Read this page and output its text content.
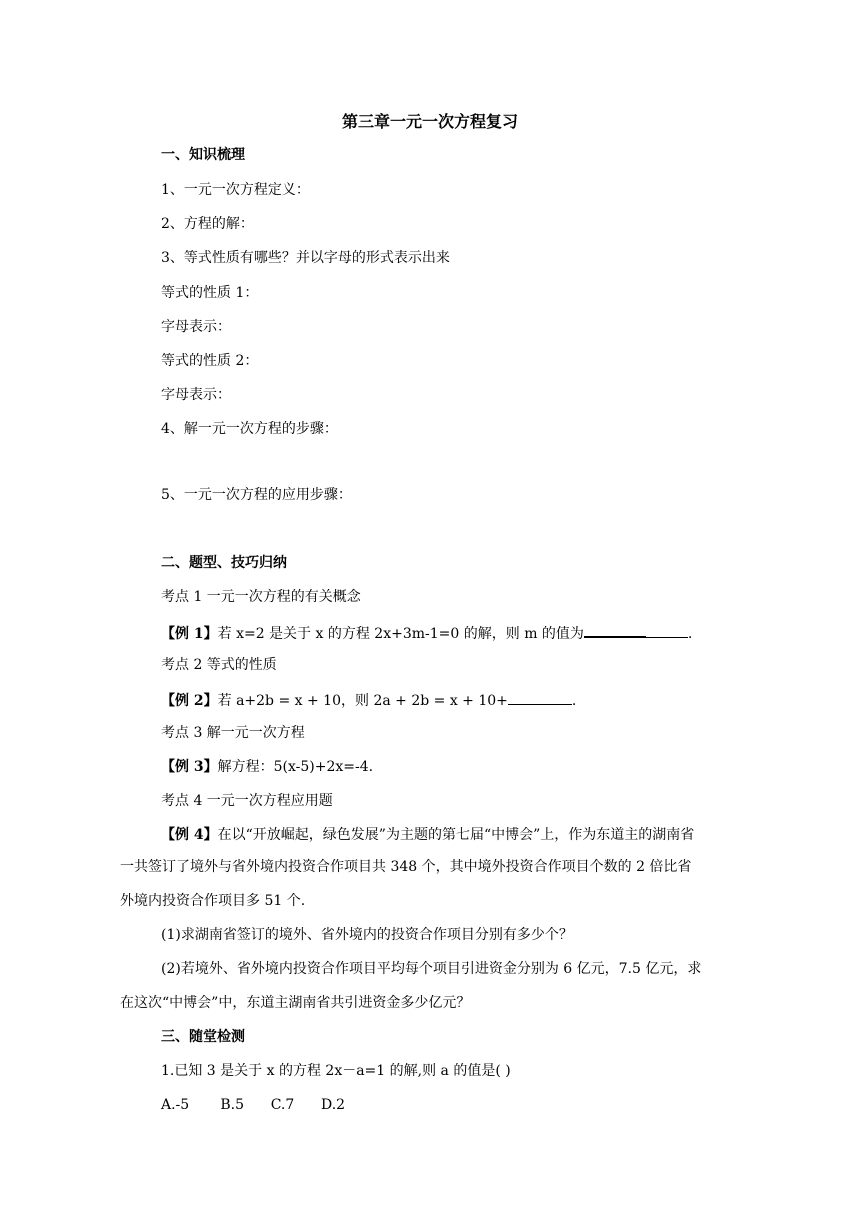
第三章一元一次方程复习
一、知识梳理
1、一元一次方程定义：
2、方程的解：
3、等式性质有哪些？并以字母的形式表示出来
等式的性质 1：
字母表示：
等式的性质 2：
字母表示：
4、解一元一次方程的步骤：
5、一元一次方程的应用步骤：
二、题型、技巧归纳
考点 1 一元一次方程的有关概念
【例 1】若 x=2 是关于 x 的方程 2x+3m-1=0 的解，则 m 的值为	.
考点 2 等式的性质
【例 2】若 a+2b = x + 10，则 2a + 2b = x + 10+	.
考点 3 解一元一次方程
【例 3】解方程：5(x-5)+2x=-4.
考点 4 一元一次方程应用题
【例 4】在以“开放崛起，绿色发展”为主题的第七届“中博会”上，作为东道主的湖南省
一共签订了境外与省外境内投资合作项目共 348 个，其中境外投资合作项目个数的 2 倍比省
外境内投资合作项目多 51 个.
(1)求湖南省签订的境外、省外境内的投资合作项目分别有多少个？
(2)若境外、省外境内投资合作项目平均每个项目引进资金分别为 6 亿元，7.5 亿元，求
在这次“中博会”中，东道主湖南省共引进资金多少亿元？
三、随堂检测
1.已知 3 是关于 x 的方程 2x－a=1 的解,则 a 的值是( )
A.-5       B.5      C.7      D.2
